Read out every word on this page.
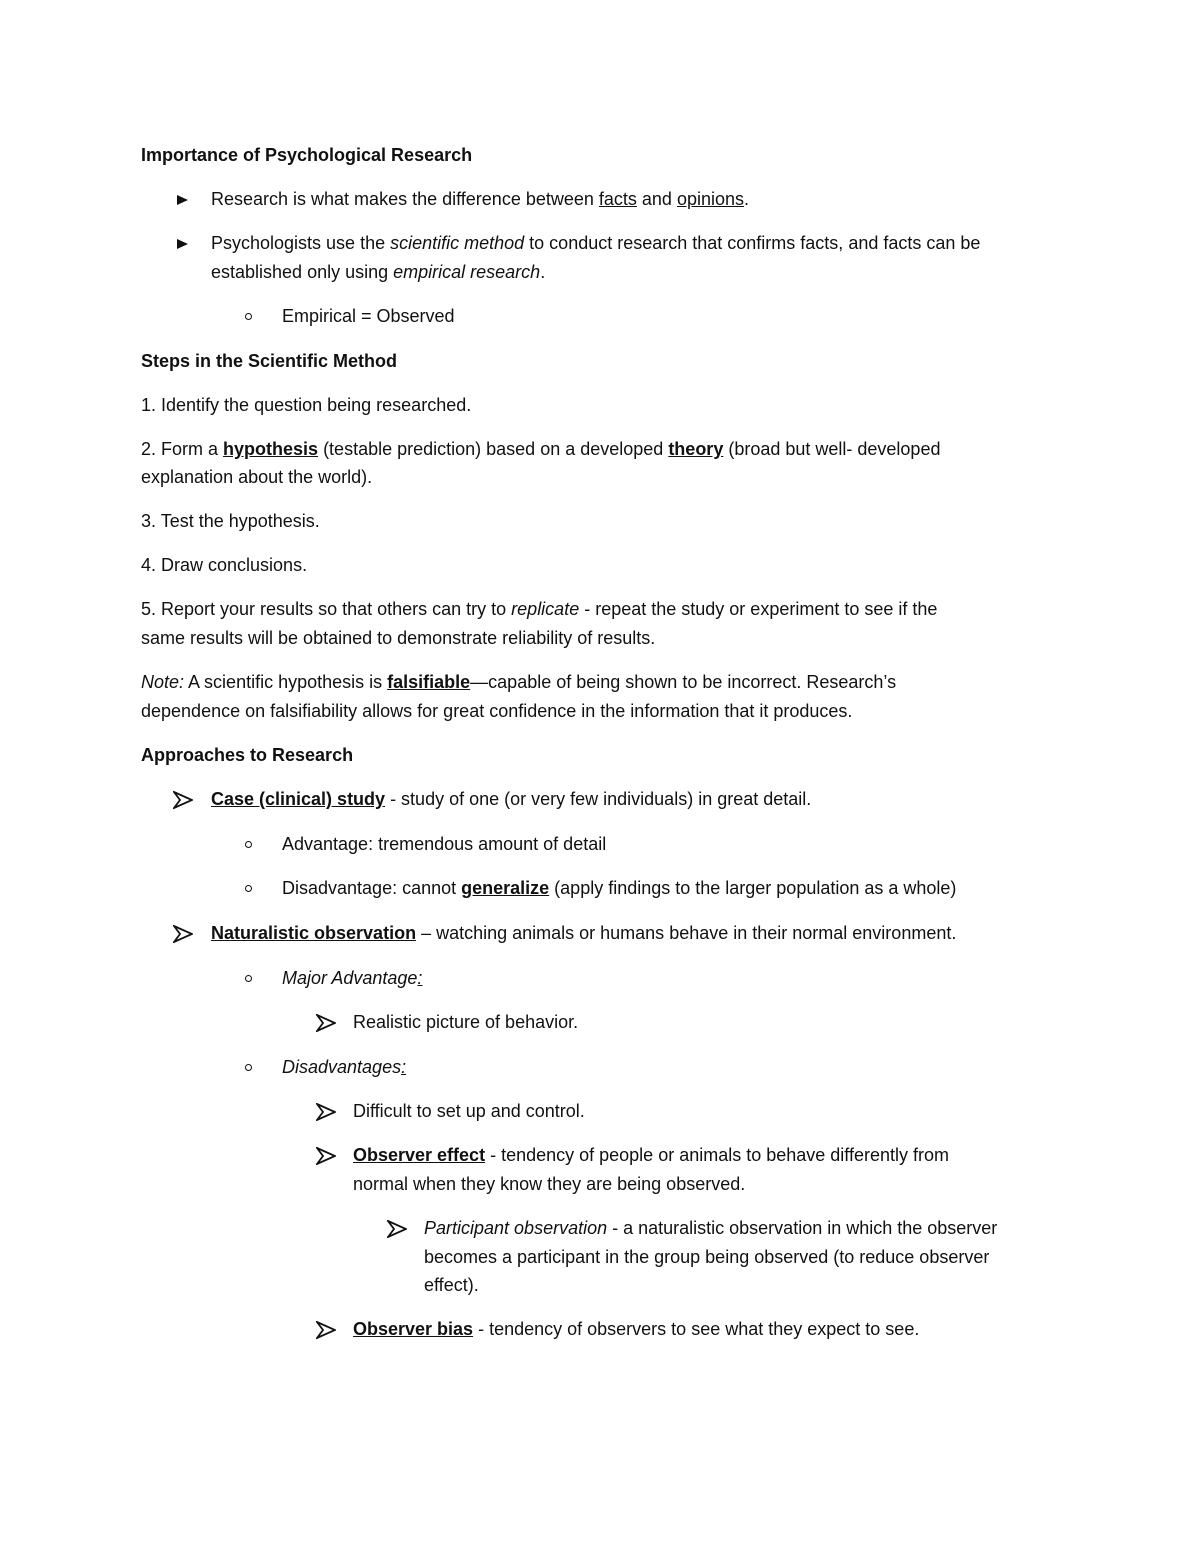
Importance of Psychological Research
Research is what makes the difference between facts and opinions.
Psychologists use the scientific method to conduct research that confirms facts, and facts can be
established only using empirical research.
Empirical = Observed
Steps in the Scientific Method
1. Identify the question being researched.
2. Form a hypothesis (testable prediction) based on a developed theory (broad but well- developed
explanation about the world).
3. Test the hypothesis.
4. Draw conclusions.
5. Report your results so that others can try to replicate - repeat the study or experiment to see if the
same results will be obtained to demonstrate reliability of results.
Note: A scientific hypothesis is falsifiable—capable of being shown to be incorrect. Research’s
dependence on falsifiability allows for great confidence in the information that it produces.
Approaches to Research
Case (clinical) study - study of one (or very few individuals) in great detail.
Advantage: tremendous amount of detail
Disadvantage: cannot generalize (apply findings to the larger population as a whole)
Naturalistic observation – watching animals or humans behave in their normal environment.
Major Advantage:
Realistic picture of behavior.
Disadvantages:
Difficult to set up and control.
Observer effect - tendency of people or animals to behave differently from
normal when they know they are being observed.
Participant observation - a naturalistic observation in which the observer
becomes a participant in the group being observed (to reduce observer
effect).
Observer bias - tendency of observers to see what they expect to see.
